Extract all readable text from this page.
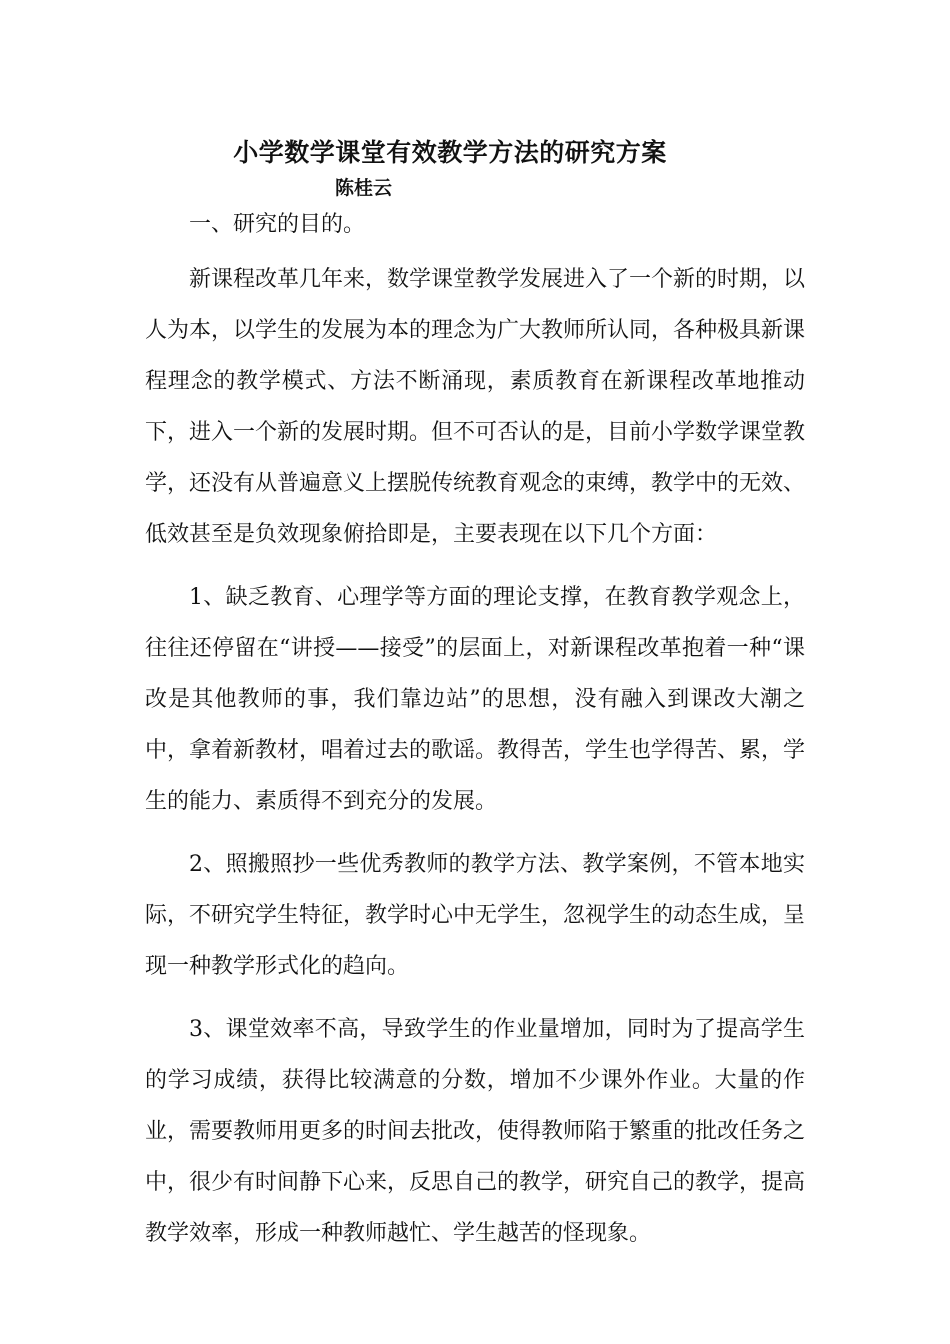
小学数学课堂有效教学方法的研究方案
陈桂云

一、研究的目的。

新课程改革几年来，数学课堂教学发展进入了一个新的时期，以人为本，以学生的发展为本的理念为广大教师所认同，各种极具新课程理念的教学模式、方法不断涌现，素质教育在新课程改革地推动下，进入一个新的发展时期。但不可否认的是，目前小学数学课堂教学，还没有从普遍意义上摆脱传统教育观念的束缚，教学中的无效、低效甚至是负效现象俯拾即是，主要表现在以下几个方面：

1、缺乏教育、心理学等方面的理论支撑，在教育教学观念上，往往还停留在“讲授——接受”的层面上，对新课程改革抱着一种“课改是其他教师的事，我们靠边站”的思想，没有融入到课改大潮之中，拿着新教材，唱着过去的歌谣。教得苦，学生也学得苦、累，学生的能力、素质得不到充分的发展。

2、照搬照抄一些优秀教师的教学方法、教学案例，不管本地实际，不研究学生特征，教学时心中无学生，忽视学生的动态生成，呈现一种教学形式化的趋向。

3、课堂效率不高，导致学生的作业量增加，同时为了提高学生的学习成绩，获得比较满意的分数，增加不少课外作业。大量的作业，需要教师用更多的时间去批改，使得教师陷于繁重的批改任务之中，很少有时间静下心来，反思自己的教学，研究自己的教学，提高教学效率，形成一种教师越忙、学生越苦的怪现象。
